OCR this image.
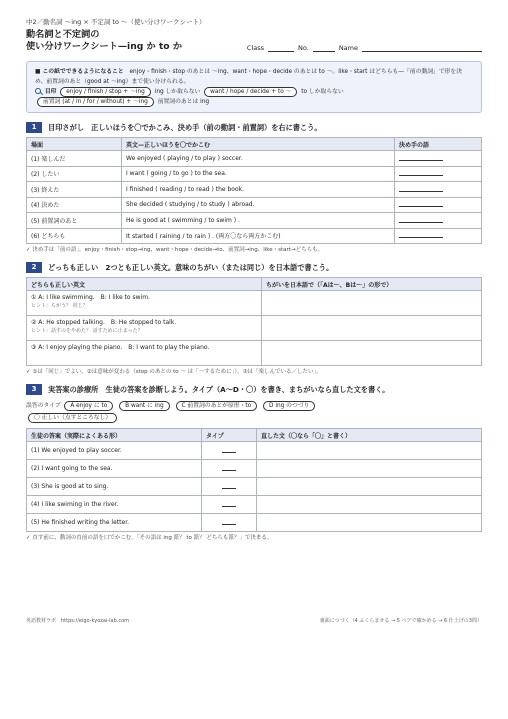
中2／動名詞 ～ing × 不定詞 to ～（使い分けワークシート）
動名詞と不定詞の
使い分けワークシート—ing か to か	Class	No.	Name
■ この紙でできるようになること　 enjoy・finish・stop のあとは ～ing、want・hope・decide のあとは to ～。like・start はどちらも—「前の動詞」で形を決め、前置詞のあと（good at ～ing）まで使い分けられる。
目印 enjoy / finish / stop + ～ing ing しか取らない want / hope / decide + to ～ to しか取らない
前置詞 (at / in / for / without) + ～ing 前置詞のあとは ing
1	目印さがし　正しいほうを〇でかこみ、決め手（前の動詞・前置詞）を右に書こう。
場面	英文—正しいほうを〇でかこむ	決め手の語
(1) 楽しんだ	We enjoyed ( playing / to play ) soccer.	
(2) したい	I want ( going / to go ) to the sea.	
(3) 終えた	I finished ( reading / to read ) the book.	
(4) 決めた	She decided ( studying / to study ) abroad.	
(5) 前置詞のあと	He is good at ( swimming / to swim ) .	
(6) どちらも	It started ( raining / to rain ) . (両方〇なら両方かこむ)	
✓ 決め手は「前の語」。enjoy・finish・stop→ing、want・hope・decide→to、前置詞→ing、like・start→どちらも。
2	どっちも正しい　2つとも正しい英文。意味のちがい（または同じ）を日本語で書こう。
どちらも正しい英文	ちがいを日本語で（「Aは～、Bは～」の形で）

① A: I like swimming.　B: I like to swim.
ヒント：ちがう？ 同じ？	

② A: He stopped talking.　B: He stopped to talk.
ヒント：話すのをやめた？ 話すために止まった？	

③ A: I enjoy playing the piano.　B: I want to play the piano.	

✓ ①は「同じ」でよい。②は意味が変わる（stop のあとの to ～ は「～するために」）。③は「楽しんでいる／したい」。
3	実答案の診療所　生徒の答案を診断しよう。タイプ（A～D・〇）を書き、まちがいなら直した文を書く。
誤答のタイプ A enjoy に to	B want に ing	C 前置詞のあとが原形・to	D ing のつづり
〇 正しい（点すところなし）
生徒の答案（実際によくある形）	タイプ	直した文（〇なら「〇」と書く）
(1) We enjoyed to play soccer.		
(2) I want going to the sea.		
(3) She is good at to sing.		
(4) I like swiming in the river.		
(5) He finished writing the letter.		
✓ 直す前に、動詞の直前の語を口でかこむ。「その語は ing 派？ to 派？ どちらも派？」で決まる。
英語教材ラボ　https://eigo-kyozai-lab.com	裏面につづく（4 ふくらませる → 5 ペアで確かめる → 6 仕上げの3問）
